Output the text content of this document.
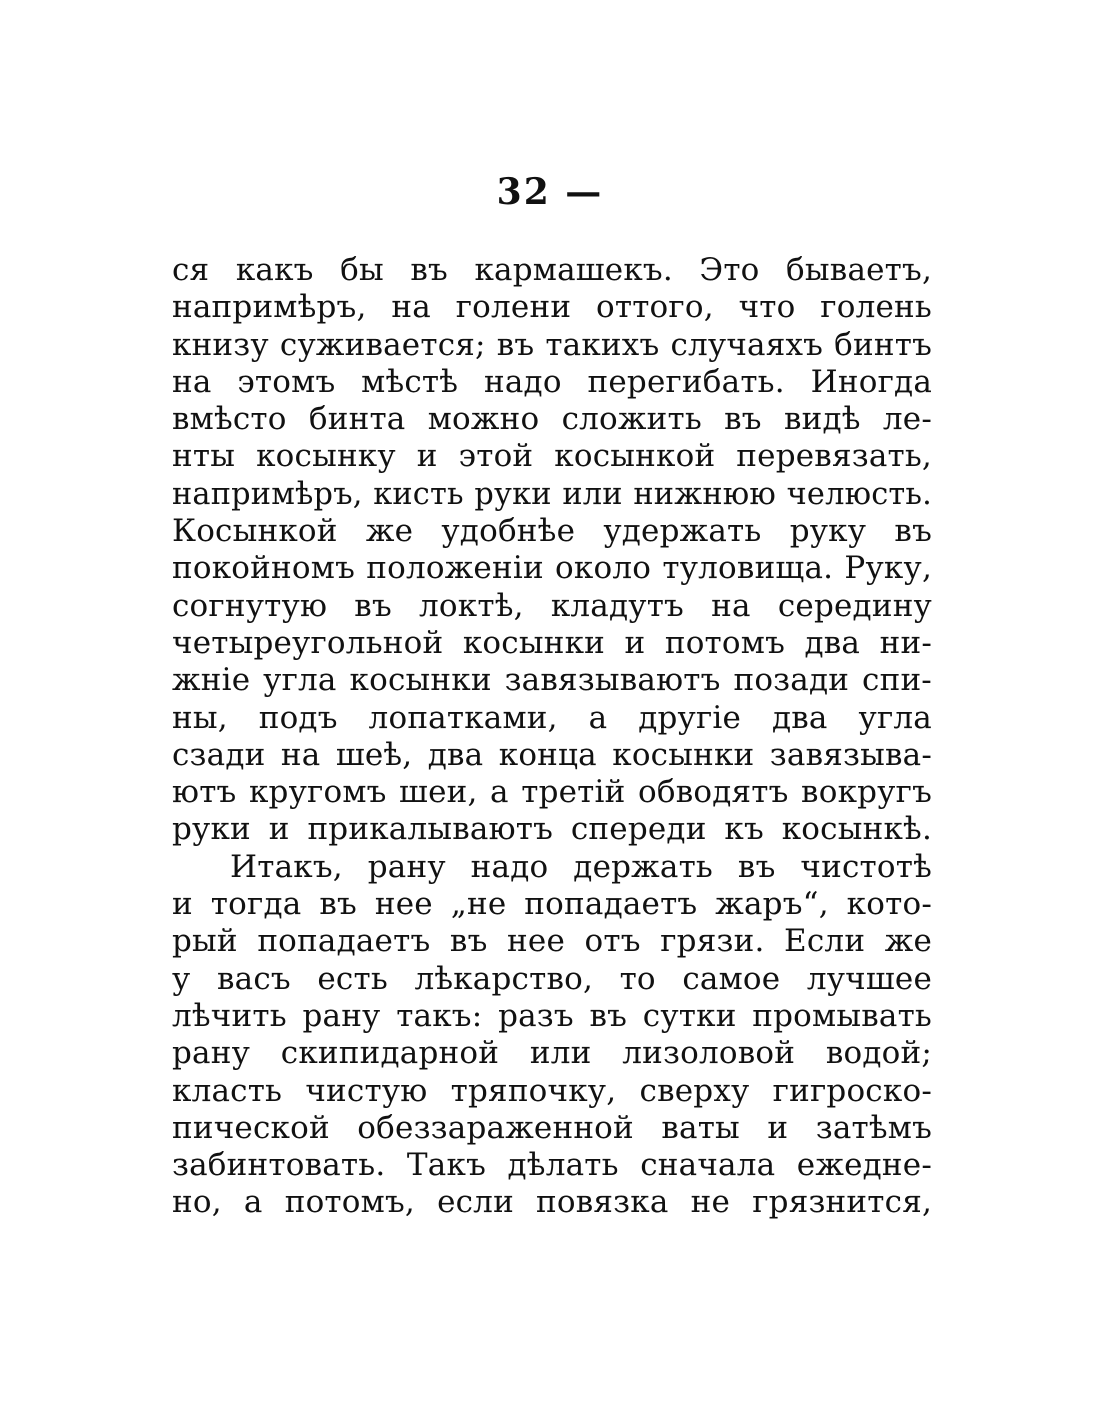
32 —
ся какъ бы въ кармашекъ. Это бываетъ,
напримѣръ, на голени оттого, что голень
книзу суживается; въ такихъ случаяхъ бинтъ
на этомъ мѣстѣ надо перегибать. Иногда
вмѣсто бинта можно сложить въ видѣ ле-
нты косынку и этой косынкой перевязать,
напримѣръ, кисть руки или нижнюю челюсть.
Косынкой же удобнѣе удержать руку въ
покойномъ положеніи около туловища. Руку,
согнутую въ локтѣ, кладутъ на середину
четыреугольной косынки и потомъ два ни-
жніе угла косынки завязываютъ позади спи-
ны, подъ лопатками, а другіе два угла
сзади на шеѣ, два конца косынки завязыва-
ютъ кругомъ шеи, а третій обводятъ вокругъ
руки и прикалываютъ спереди къ косынкѣ.
Итакъ, рану надо держать въ чистотѣ
и тогда въ нее „не попадаетъ жаръ“, кото-
рый попадаетъ въ нее отъ грязи. Если же
у васъ есть лѣкарство, то самое лучшее
лѣчить рану такъ: разъ въ сутки промывать
рану скипидарной или лизоловой водой;
класть чистую тряпочку, сверху гигроско-
пической обеззараженной ваты и затѣмъ
забинтовать. Такъ дѣлать сначала ежедне-
но, а потомъ, если повязка не грязнится,
